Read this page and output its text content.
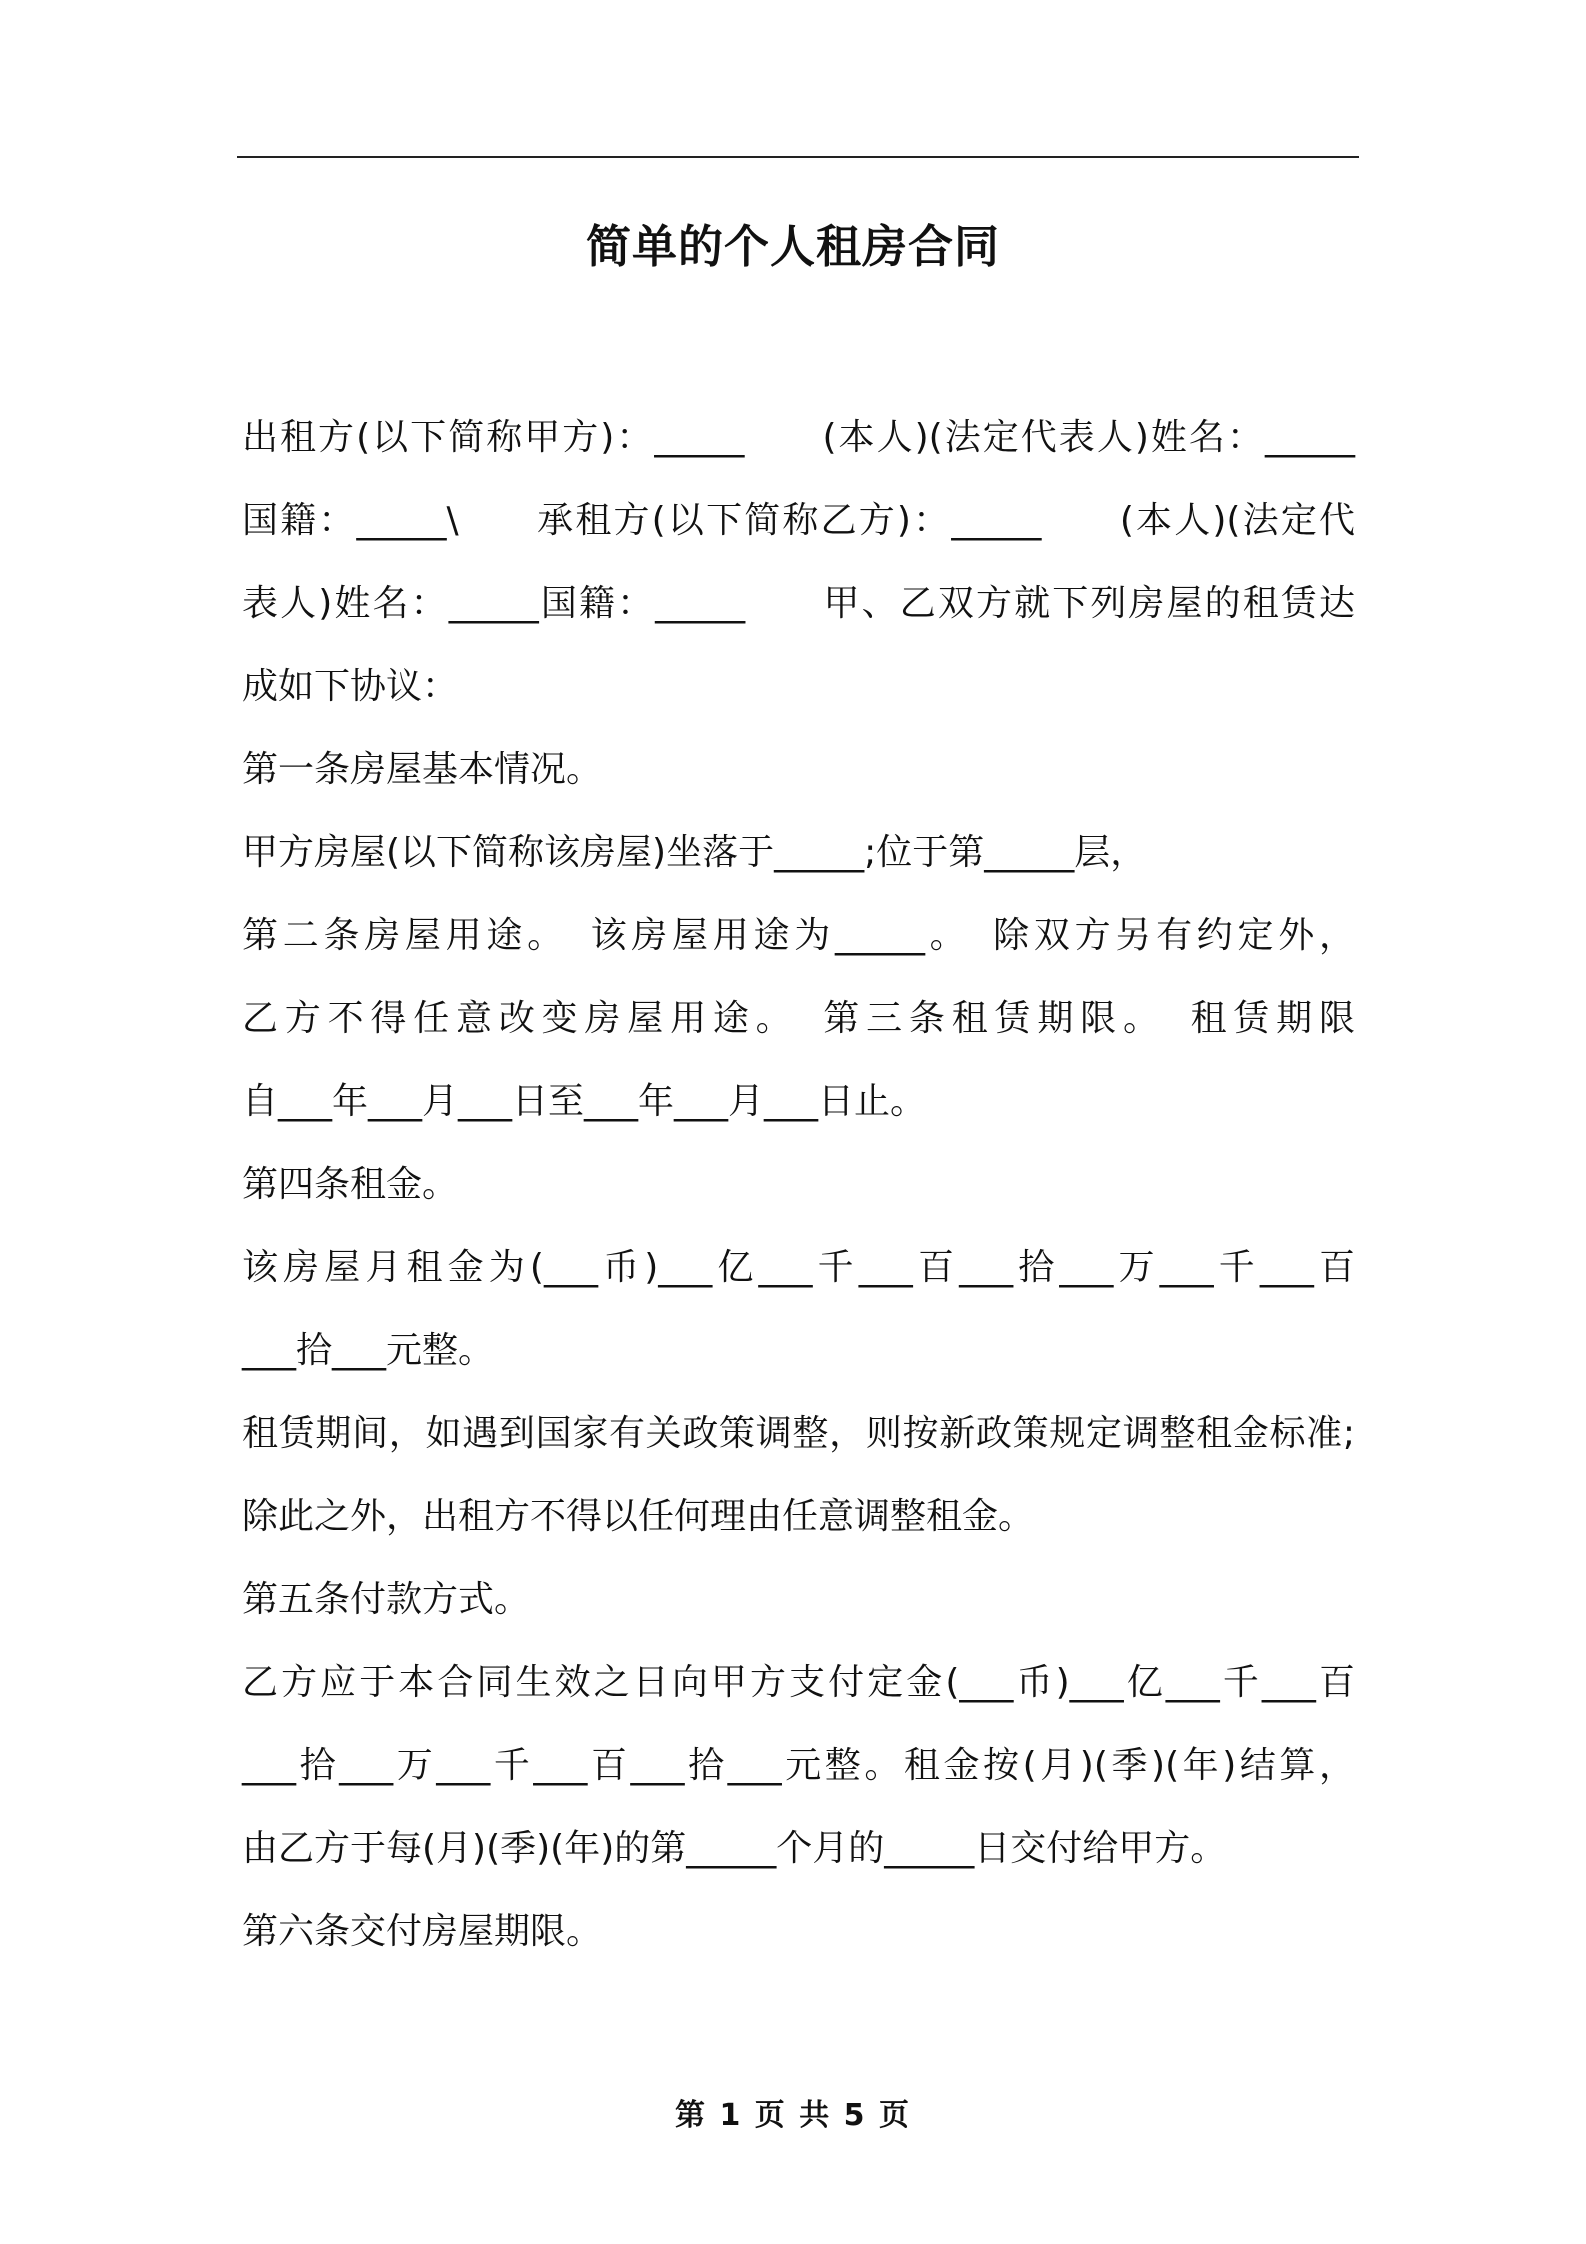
简单的个人租房合同
出租方(以下简称甲方)：_____　　(本人)(法定代表人)姓名：_____
国籍：_____\　　承租方(以下简称乙方)：_____　　(本人)(法定代
表人)姓名：_____国籍：_____　　甲、乙双方就下列房屋的租赁达
成如下协议：
第一条房屋基本情况。
甲方房屋(以下简称该房屋)坐落于_____;位于第_____层，
第二条房屋用途。　该房屋用途为_____。　除双方另有约定外，
乙方不得任意改变房屋用途。　第三条租赁期限。　租赁期限
自___年___月___日至___年___月___日止。
第四条租金。
该房屋月租金为(___币)___亿___千___百___拾___万___千___百
___拾___元整。
租赁期间，如遇到国家有关政策调整，则按新政策规定调整租金标准;
除此之外，出租方不得以任何理由任意调整租金。
第五条付款方式。
乙方应于本合同生效之日向甲方支付定金(___币)___亿___千___百
___拾___万___千___百___拾___元整。租金按(月)(季)(年)结算，
由乙方于每(月)(季)(年)的第_____个月的_____日交付给甲方。
第六条交付房屋期限。
第 1 页 共 5 页
